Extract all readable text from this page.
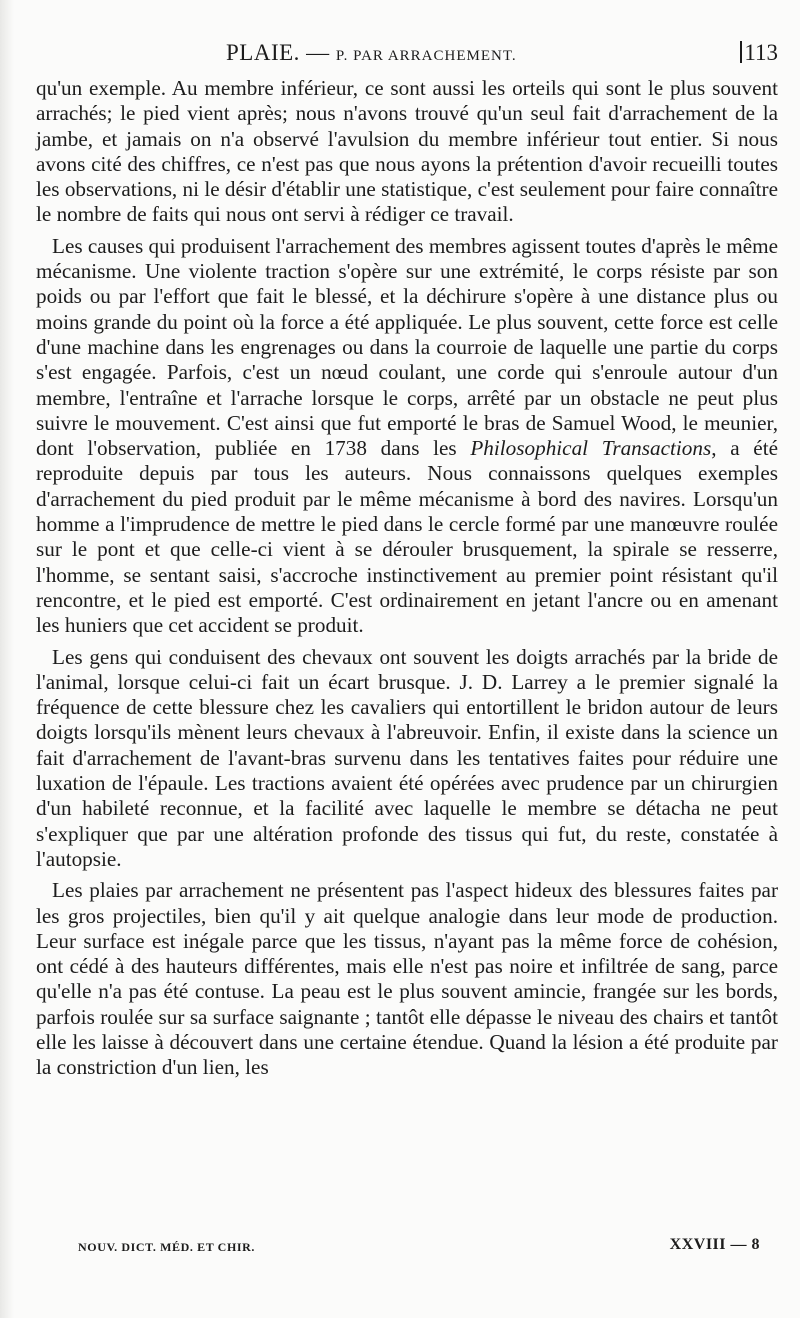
PLAIE. — P. PAR ARRACHEMENT.	113

qu'un exemple. Au membre inférieur, ce sont aussi les orteils qui sont le plus souvent arrachés; le pied vient après; nous n'avons trouvé qu'un seul fait d'arrachement de la jambe, et jamais on n'a observé l'avulsion du membre inférieur tout entier. Si nous avons cité des chiffres, ce n'est pas que nous ayons la prétention d'avoir recueilli toutes les observations, ni le désir d'établir une statistique, c'est seulement pour faire connaître le nombre de faits qui nous ont servi à rédiger ce travail.

Les causes qui produisent l'arrachement des membres agissent toutes d'après le même mécanisme. Une violente traction s'opère sur une extrémité, le corps résiste par son poids ou par l'effort que fait le blessé, et la déchirure s'opère à une distance plus ou moins grande du point où la force a été appliquée. Le plus souvent, cette force est celle d'une machine dans les engrenages ou dans la courroie de laquelle une partie du corps s'est engagée. Parfois, c'est un nœud coulant, une corde qui s'enroule autour d'un membre, l'entraîne et l'arrache lorsque le corps, arrêté par un obstacle ne peut plus suivre le mouvement. C'est ainsi que fut emporté le bras de Samuel Wood, le meunier, dont l'observation, publiée en 1738 dans les Philosophical Transactions, a été reproduite depuis par tous les auteurs. Nous connaissons quelques exemples d'arrachement du pied produit par le même mécanisme à bord des navires. Lorsqu'un homme a l'imprudence de mettre le pied dans le cercle formé par une manœuvre roulée sur le pont et que celle-ci vient à se dérouler brusquement, la spirale se resserre, l'homme, se sentant saisi, s'accroche instinctivement au premier point résistant qu'il rencontre, et le pied est emporté. C'est ordinairement en jetant l'ancre ou en amenant les huniers que cet accident se produit.

Les gens qui conduisent des chevaux ont souvent les doigts arrachés par la bride de l'animal, lorsque celui-ci fait un écart brusque. J. D. Larrey a le premier signalé la fréquence de cette blessure chez les cavaliers qui entortillent le bridon autour de leurs doigts lorsqu'ils mènent leurs chevaux à l'abreuvoir. Enfin, il existe dans la science un fait d'arrachement de l'avant-bras survenu dans les tentatives faites pour réduire une luxation de l'épaule. Les tractions avaient été opérées avec prudence par un chirurgien d'un habileté reconnue, et la facilité avec laquelle le membre se détacha ne peut s'expliquer que par une altération profonde des tissus qui fut, du reste, constatée à l'autopsie.

Les plaies par arrachement ne présentent pas l'aspect hideux des blessures faites par les gros projectiles, bien qu'il y ait quelque analogie dans leur mode de production. Leur surface est inégale parce que les tissus, n'ayant pas la même force de cohésion, ont cédé à des hauteurs différentes, mais elle n'est pas noire et infiltrée de sang, parce qu'elle n'a pas été contuse. La peau est le plus souvent amincie, frangée sur les bords, parfois roulée sur sa surface saignante ; tantôt elle dépasse le niveau des chairs et tantôt elle les laisse à découvert dans une certaine étendue. Quand la lésion a été produite par la constriction d'un lien, les

NOUV. DICT. MÉD. ET CHIR.	XXVIII — 8
